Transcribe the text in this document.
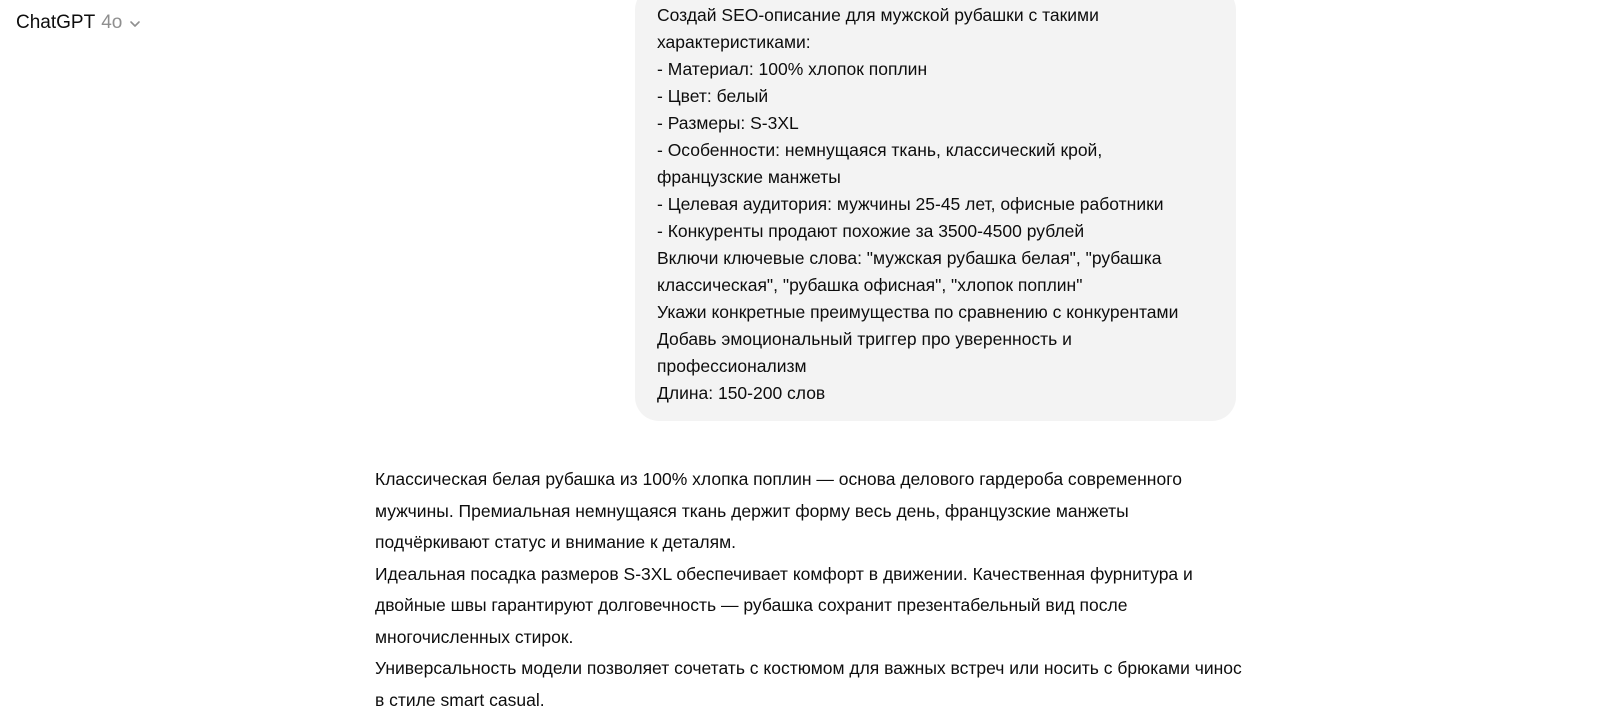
ChatGPT 4o	Создай SEO-описание для мужской рубашки с такими
характеристиками:
- Материал: 100% хлопок поплин
- Цвет: белый
- Размеры: S-3XL
- Особенности: немнущаяся ткань, классический крой,
французские манжеты
- Целевая аудитория: мужчины 25-45 лет, офисные работники
- Конкуренты продают похожие за 3500-4500 рублей
Включи ключевые слова: "мужская рубашка белая", "рубашка
классическая", "рубашка офисная", "хлопок поплин"
Укажи конкретные преимущества по сравнению с конкурентами
Добавь эмоциональный триггер про уверенность и
профессионализм
Длина: 150-200 слов

Классическая белая рубашка из 100% хлопка поплин — основа делового гардероба современного мужчины. Премиальная немнущаяся ткань держит форму весь день, французские манжеты подчёркивают статус и внимание к деталям.

Идеальная посадка размеров S-3XL обеспечивает комфорт в движении. Качественная фурнитура и двойные швы гарантируют долговечность — рубашка сохранит презентабельный вид после многочисленных стирок.

Универсальность модели позволяет сочетать с костюмом для важных встреч или носить с брюками чинос в стиле smart casual.
